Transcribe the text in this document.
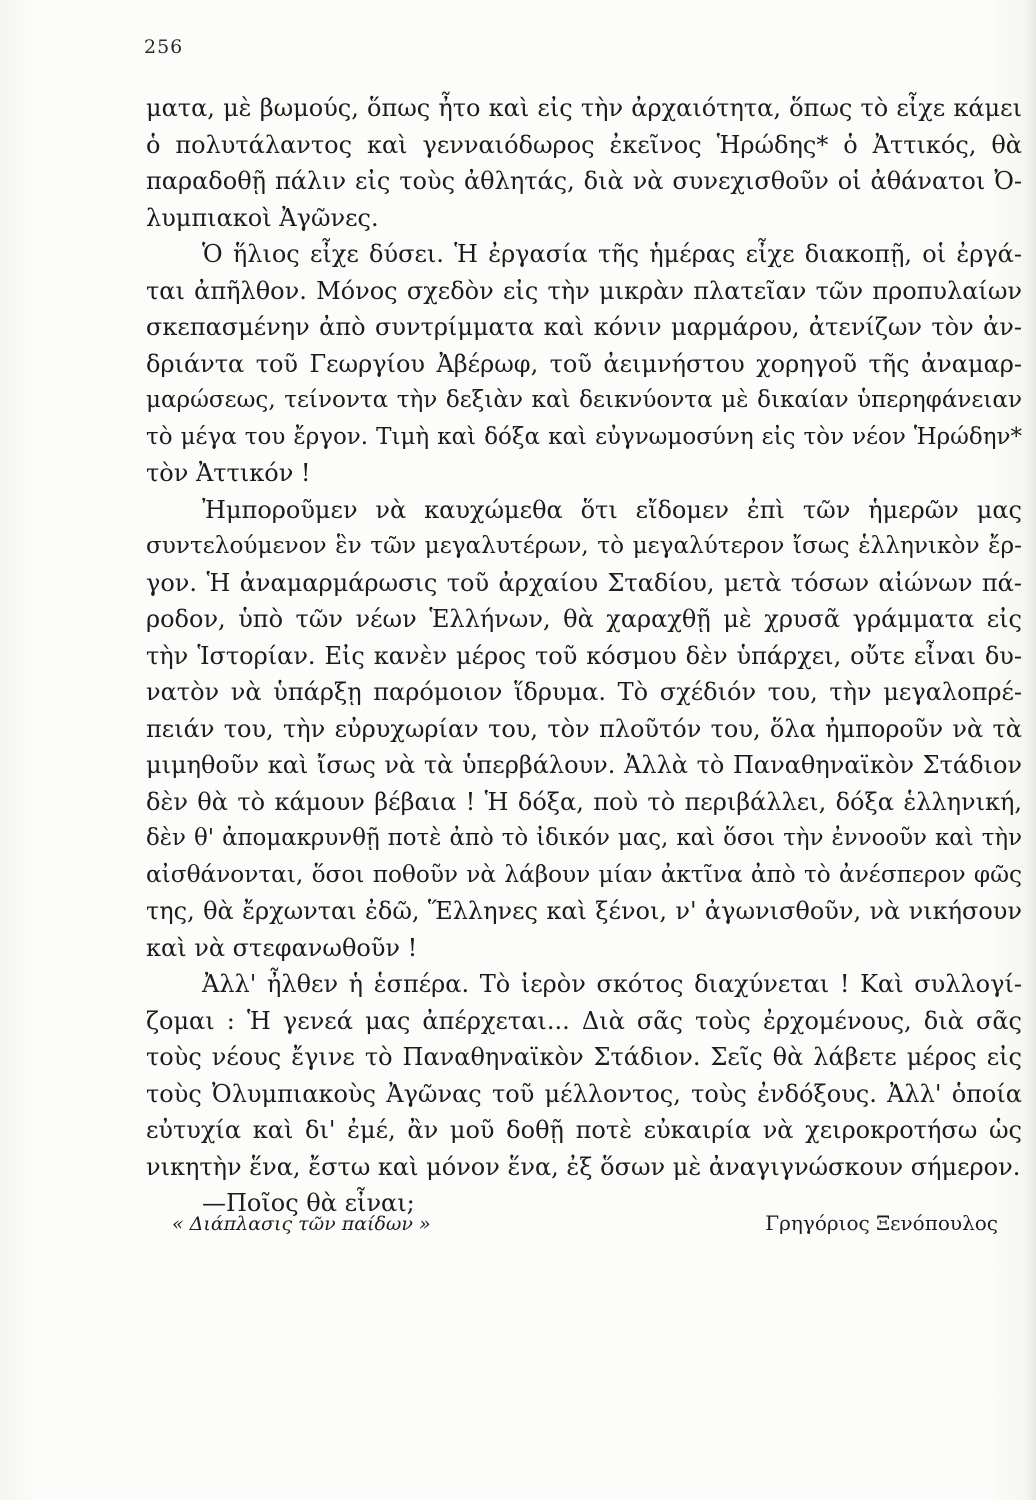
256
ματα, μὲ βωμούς, ὅπως ἦτο καὶ εἰς τὴν ἀρχαιότητα, ὅπως τὸ εἶχε κάμει
ὁ πολυτάλαντος καὶ γενναιόδωρος ἐκεῖνος Ἡρώδης* ὁ Ἀττικός, θὰ
παραδοθῇ πάλιν εἰς τοὺς ἀθλητάς, διὰ νὰ συνεχισθοῦν οἱ ἀθάνατοι Ὀ-
λυμπιακοὶ Ἀγῶνες.
Ὁ ἥλιος εἶχε δύσει. Ἡ ἐργασία τῆς ἡμέρας εἶχε διακοπῇ, οἱ ἐργά-
ται ἀπῆλθον. Μόνος σχεδὸν εἰς τὴν μικρὰν πλατεῖαν τῶν προπυλαίων
σκεπασμένην ἀπὸ συντρίμματα καὶ κόνιν μαρμάρου, ἀτενίζων τὸν ἀν-
δριάντα τοῦ Γεωργίου Ἀβέρωφ, τοῦ ἀειμνήστου χορηγοῦ τῆς ἀναμαρ-
μαρώσεως, τείνοντα τὴν δεξιὰν καὶ δεικνύοντα μὲ δικαίαν ὑπερηφάνειαν
τὸ μέγα του ἔργον. Τιμὴ καὶ δόξα καὶ εὐγνωμοσύνη εἰς τὸν νέον Ἡρώδην*
τὸν Ἀττικόν !
Ἠμποροῦμεν νὰ καυχώμεθα ὅτι εἴδομεν ἐπὶ τῶν ἡμερῶν μας
συντελούμενον ἓν τῶν μεγαλυτέρων, τὸ μεγαλύτερον ἴσως ἑλληνικὸν ἔρ-
γον. Ἡ ἀναμαρμάρωσις τοῦ ἀρχαίου Σταδίου, μετὰ τόσων αἰώνων πά-
ροδον, ὑπὸ τῶν νέων Ἑλλήνων, θὰ χαραχθῇ μὲ χρυσᾶ γράμματα εἰς
τὴν Ἱστορίαν. Εἰς κανὲν μέρος τοῦ κόσμου δὲν ὑπάρχει, οὔτε εἶναι δυ-
νατὸν νὰ ὑπάρξῃ παρόμοιον ἵδρυμα. Τὸ σχέδιόν του, τὴν μεγαλοπρέ-
πειάν του, τὴν εὐρυχωρίαν του, τὸν πλοῦτόν του, ὅλα ἠμποροῦν νὰ τὰ
μιμηθοῦν καὶ ἴσως νὰ τὰ ὑπερβάλουν. Ἀλλὰ τὸ Παναθηναϊκὸν Στάδιον
δὲν θὰ τὸ κάμουν βέβαια ! Ἡ δόξα, ποὺ τὸ περιβάλλει, δόξα ἑλληνική,
δὲν θ' ἀπομακρυνθῇ ποτὲ ἀπὸ τὸ ἰδικόν μας, καὶ ὅσοι τὴν ἐννοοῦν καὶ τὴν
αἰσθάνονται, ὅσοι ποθοῦν νὰ λάβουν μίαν ἀκτῖνα ἀπὸ τὸ ἀνέσπερον φῶς
της, θὰ ἔρχωνται ἐδῶ, Ἕλληνες καὶ ξένοι, ν' ἀγωνισθοῦν, νὰ νικήσουν
καὶ νὰ στεφανωθοῦν !
Ἀλλ' ἦλθεν ἡ ἑσπέρα. Τὸ ἱερὸν σκότος διαχύνεται ! Καὶ συλλογί-
ζομαι : Ἡ γενεά μας ἀπέρχεται... Διὰ σᾶς τοὺς ἐρχομένους, διὰ σᾶς
τοὺς νέους ἔγινε τὸ Παναθηναϊκὸν Στάδιον. Σεῖς θὰ λάβετε μέρος εἰς
τοὺς Ὀλυμπιακοὺς Ἀγῶνας τοῦ μέλλοντος, τοὺς ἐνδόξους. Ἀλλ' ὁποία
εὐτυχία καὶ δι' ἐμέ, ἂν μοῦ δοθῇ ποτὲ εὐκαιρία νὰ χειροκροτήσω ὡς
νικητὴν ἕνα, ἔστω καὶ μόνον ἕνα, ἐξ ὅσων μὲ ἀναγιγνώσκουν σήμερον.
—Ποῖος θὰ εἶναι;
« Διάπλασις τῶν παίδων »	Γρηγόριος Ξενόπουλος
